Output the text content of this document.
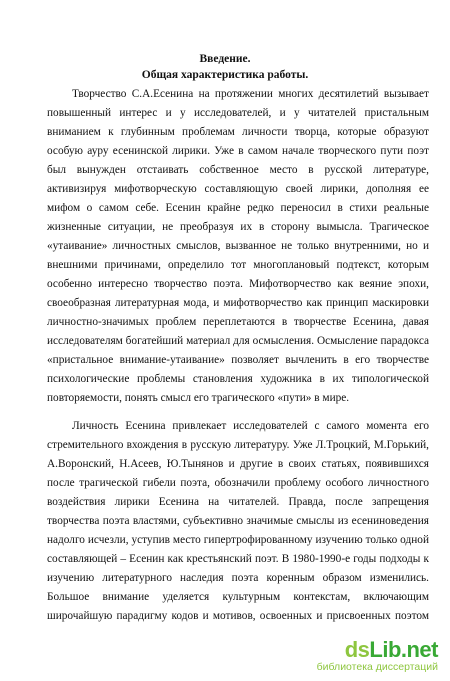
Введение.
Общая характеристика работы.
Творчество С.А.Есенина на протяжении многих десятилетий вызывает
повышенный интерес и у исследователей, и у читателей пристальным
вниманием к глубинным проблемам личности творца, которые образуют
особую ауру есенинской лирики. Уже в самом начале творческого пути поэт
был вынужден отстаивать собственное место в русской литературе,
активизируя мифотворческую составляющую своей лирики, дополняя ее
мифом о самом себе. Есенин крайне редко переносил в стихи реальные
жизненные ситуации, не преобразуя их в сторону вымысла. Трагическое
«утаивание» личностных смыслов, вызванное не только внутренними, но и
внешними причинами, определило тот многоплановый подтекст, которым
особенно интересно творчество поэта. Мифотворчество как веяние эпохи,
своеобразная литературная мода, и мифотворчество как принцип маскировки
личностно-значимых проблем переплетаются в творчестве Есенина, давая
исследователям богатейший материал для осмысления. Осмысление парадокса
«пристальное внимание-утаивание» позволяет вычленить в его творчестве
психологические проблемы становления художника в их типологической
повторяемости, понять смысл его трагического «пути» в мире.
Личность Есенина привлекает исследователей с самого момента его
стремительного вхождения в русскую литературу. Уже Л.Троцкий, М.Горький,
А.Воронский, Н.Асеев, Ю.Тынянов и другие в своих статьях, появившихся
после трагической гибели поэта, обозначили проблему особого личностного
воздействия лирики Есенина на читателей. Правда, после запрещения
творчества поэта властями, субъективно значимые смыслы из есениноведения
надолго исчезли, уступив место гипертрофированному изучению только одной
составляющей – Есенин как крестьянский поэт. В 1980-1990-е годы подходы к
изучению литературного наследия поэта коренным образом изменились.
Большое внимание уделяется культурным контекстам, включающим
широчайшую парадигму кодов и мотивов, освоенных и присвоенных поэтом
dsLib.net
библиотека диссертаций
